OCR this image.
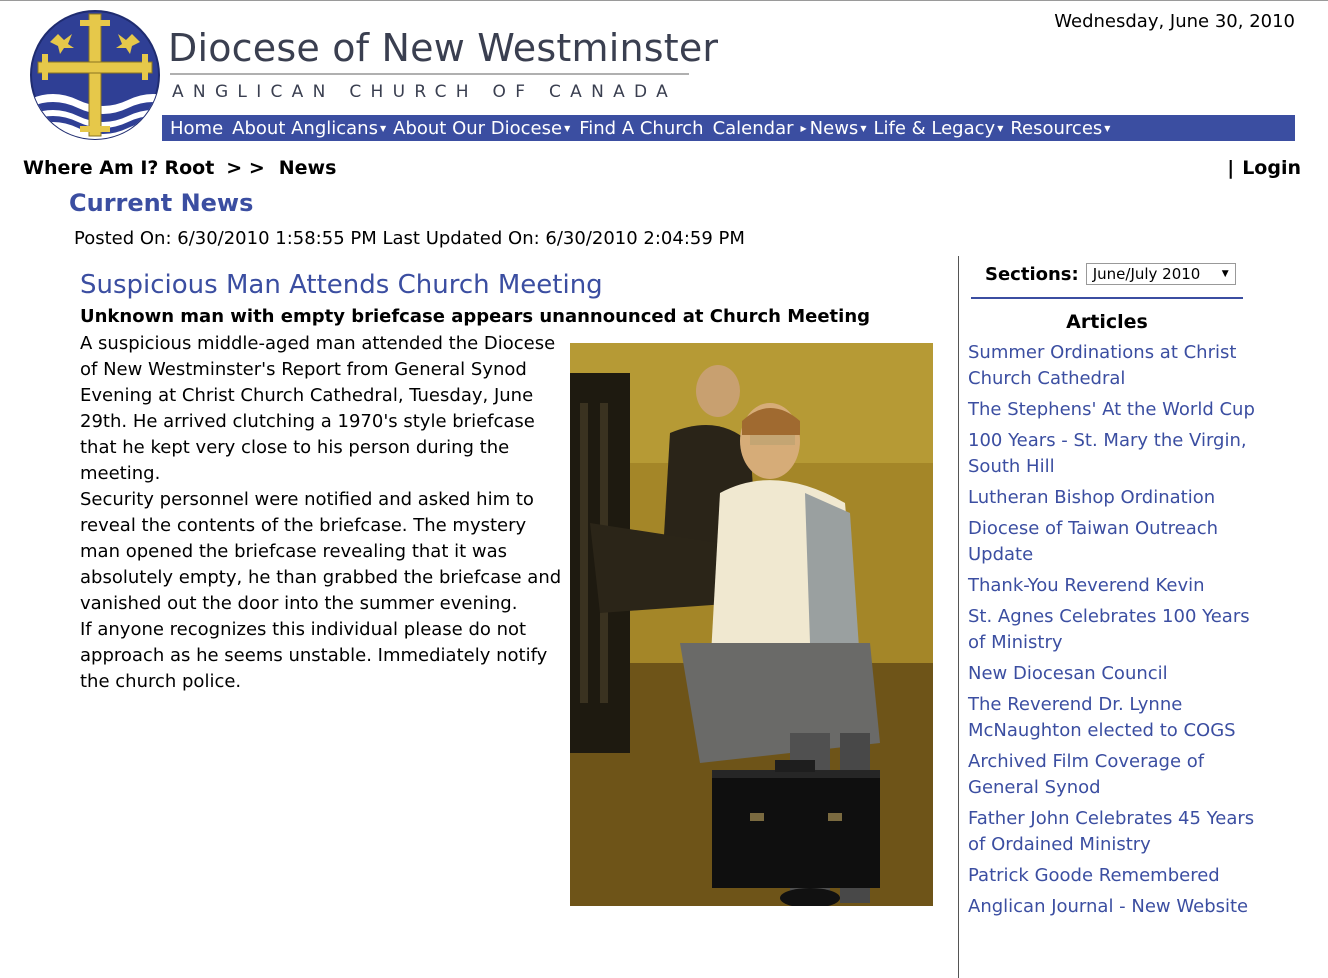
Diocese of New Westminster
ANGLICAN CHURCH OF CANADA
Wednesday, June 30, 2010
Home About Anglicans ▼ About Our Diocese ▼ Find A Church Calendar ▶ News ▼ Life & Legacy ▼ Resources ▼
Where Am I? Root > > News	| Login
Current News
Posted On: 6/30/2010 1:58:55 PM Last Updated On: 6/30/2010 2:04:59 PM
Suspicious Man Attends Church Meeting
Unknown man with empty briefcase appears unannounced at Church Meeting
A suspicious middle-aged man attended the Diocese of New Westminster's Report from General Synod Evening at Christ Church Cathedral, Tuesday, June 29th. He arrived clutching a 1970's style briefcase that he kept very close to his person during the meeting.
Security personnel were notified and asked him to reveal the contents of the briefcase. The mystery man opened the briefcase revealing that it was absolutely empty, he than grabbed the briefcase and vanished out the door into the summer evening.
If anyone recognizes this individual please do not approach as he seems unstable. Immediately notify the church police.
Sections: June/July 2010 ▼
Articles
Summer Ordinations at Christ Church Cathedral
The Stephens' At the World Cup
100 Years - St. Mary the Virgin, South Hill
Lutheran Bishop Ordination
Diocese of Taiwan Outreach Update
Thank-You Reverend Kevin
St. Agnes Celebrates 100 Years of Ministry
New Diocesan Council
The Reverend Dr. Lynne McNaughton elected to COGS
Archived Film Coverage of General Synod
Father John Celebrates 45 Years of Ordained Ministry
Patrick Goode Remembered
Anglican Journal - New Website
